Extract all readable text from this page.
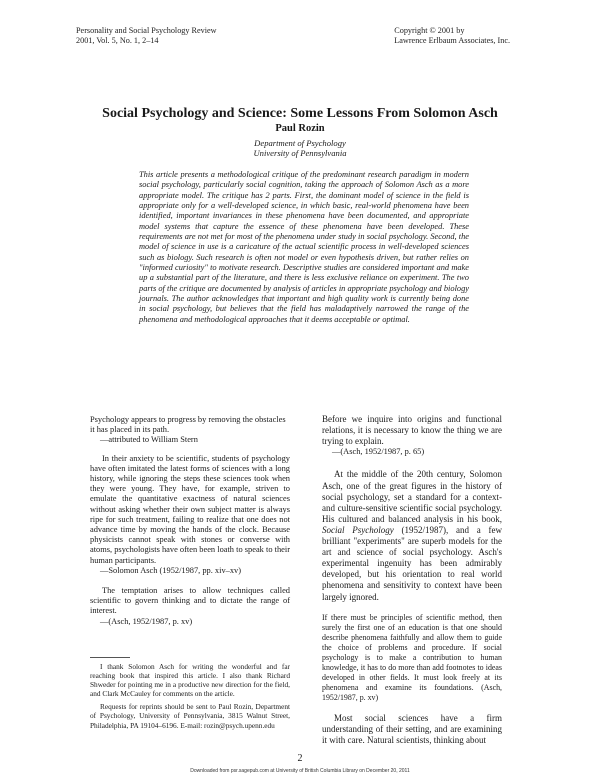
Personality and Social Psychology Review
2001, Vol. 5, No. 1, 2–14
Copyright © 2001 by
Lawrence Erlbaum Associates, Inc.
Social Psychology and Science: Some Lessons From Solomon Asch
Paul Rozin
Department of Psychology
University of Pennsylvania
This article presents a methodological critique of the predominant research paradigm in modern social psychology, particularly social cognition, taking the approach of Solomon Asch as a more appropriate model. The critique has 2 parts. First, the dominant model of science in the field is appropriate only for a well-developed science, in which basic, real-world phenomena have been identified, important invariances in these phenomena have been documented, and appropriate model systems that capture the essence of these phenomena have been developed. These requirements are not met for most of the phenomena under study in social psychology. Second, the model of science in use is a caricature of the actual scientific process in well-developed sciences such as biology. Such research is often not model or even hypothesis driven, but rather relies on "informed curiosity" to motivate research. Descriptive studies are considered important and make up a substantial part of the literature, and there is less exclusive reliance on experiment. The two parts of the critique are documented by analysis of articles in appropriate psychology and biology journals. The author acknowledges that important and high quality work is currently being done in social psychology, but believes that the field has maladaptively narrowed the range of the phenomena and methodological approaches that it deems acceptable or optimal.

Psychology appears to progress by removing the obstacles it has placed in its path.

—attributed to William Stern

In their anxiety to be scientific, students of psychology have often imitated the latest forms of sciences with a long history, while ignoring the steps these sciences took when they were young. They have, for example, striven to emulate the quantitative exactness of natural sciences without asking whether their own subject matter is always ripe for such treatment, failing to realize that one does not advance time by moving the hands of the clock. Because physicists cannot speak with stones or converse with atoms, psychologists have often been loath to speak to their human participants.

—Solomon Asch (1952/1987, pp. xiv–xv)

The temptation arises to allow techniques called scientific to govern thinking and to dictate the range of interest.

—(Asch, 1952/1987, p. xv)

I thank Solomon Asch for writing the wonderful and far reaching book that inspired this article. I also thank Richard Shweder for pointing me in a productive new direction for the field, and Clark McCauley for comments on the article.

Requests for reprints should be sent to Paul Rozin, Department of Psychology, University of Pennsylvania, 3815 Walnut Street, Philadelphia, PA 19104–6196. E-mail: rozin@psych.upenn.edu

Before we inquire into origins and functional relations, it is necessary to know the thing we are trying to explain.

—(Asch, 1952/1987, p. 65)

At the middle of the 20th century, Solomon Asch, one of the great figures in the history of social psychology, set a standard for a context- and culture-sensitive scientific social psychology. His cultured and balanced analysis in his book, Social Psychology (1952/1987), and a few brilliant "experiments" are superb models for the art and science of social psychology. Asch's experimental ingenuity has been admirably developed, but his orientation to real world phenomena and sensitivity to context have been largely ignored.

If there must be principles of scientific method, then surely the first one of an education is that one should describe phenomena faithfully and allow them to guide the choice of problems and procedure. If social psychology is to make a contribution to human knowledge, it has to do more than add footnotes to ideas developed in other fields. It must look freely at its phenomena and examine its foundations. (Asch, 1952/1987, p. xv)

Most social sciences have a firm understanding of their setting, and are examining it with care. Natural scientists, thinking about

2
Downloaded from psr.sagepub.com at University of British Columbia Library on December 20, 2011
